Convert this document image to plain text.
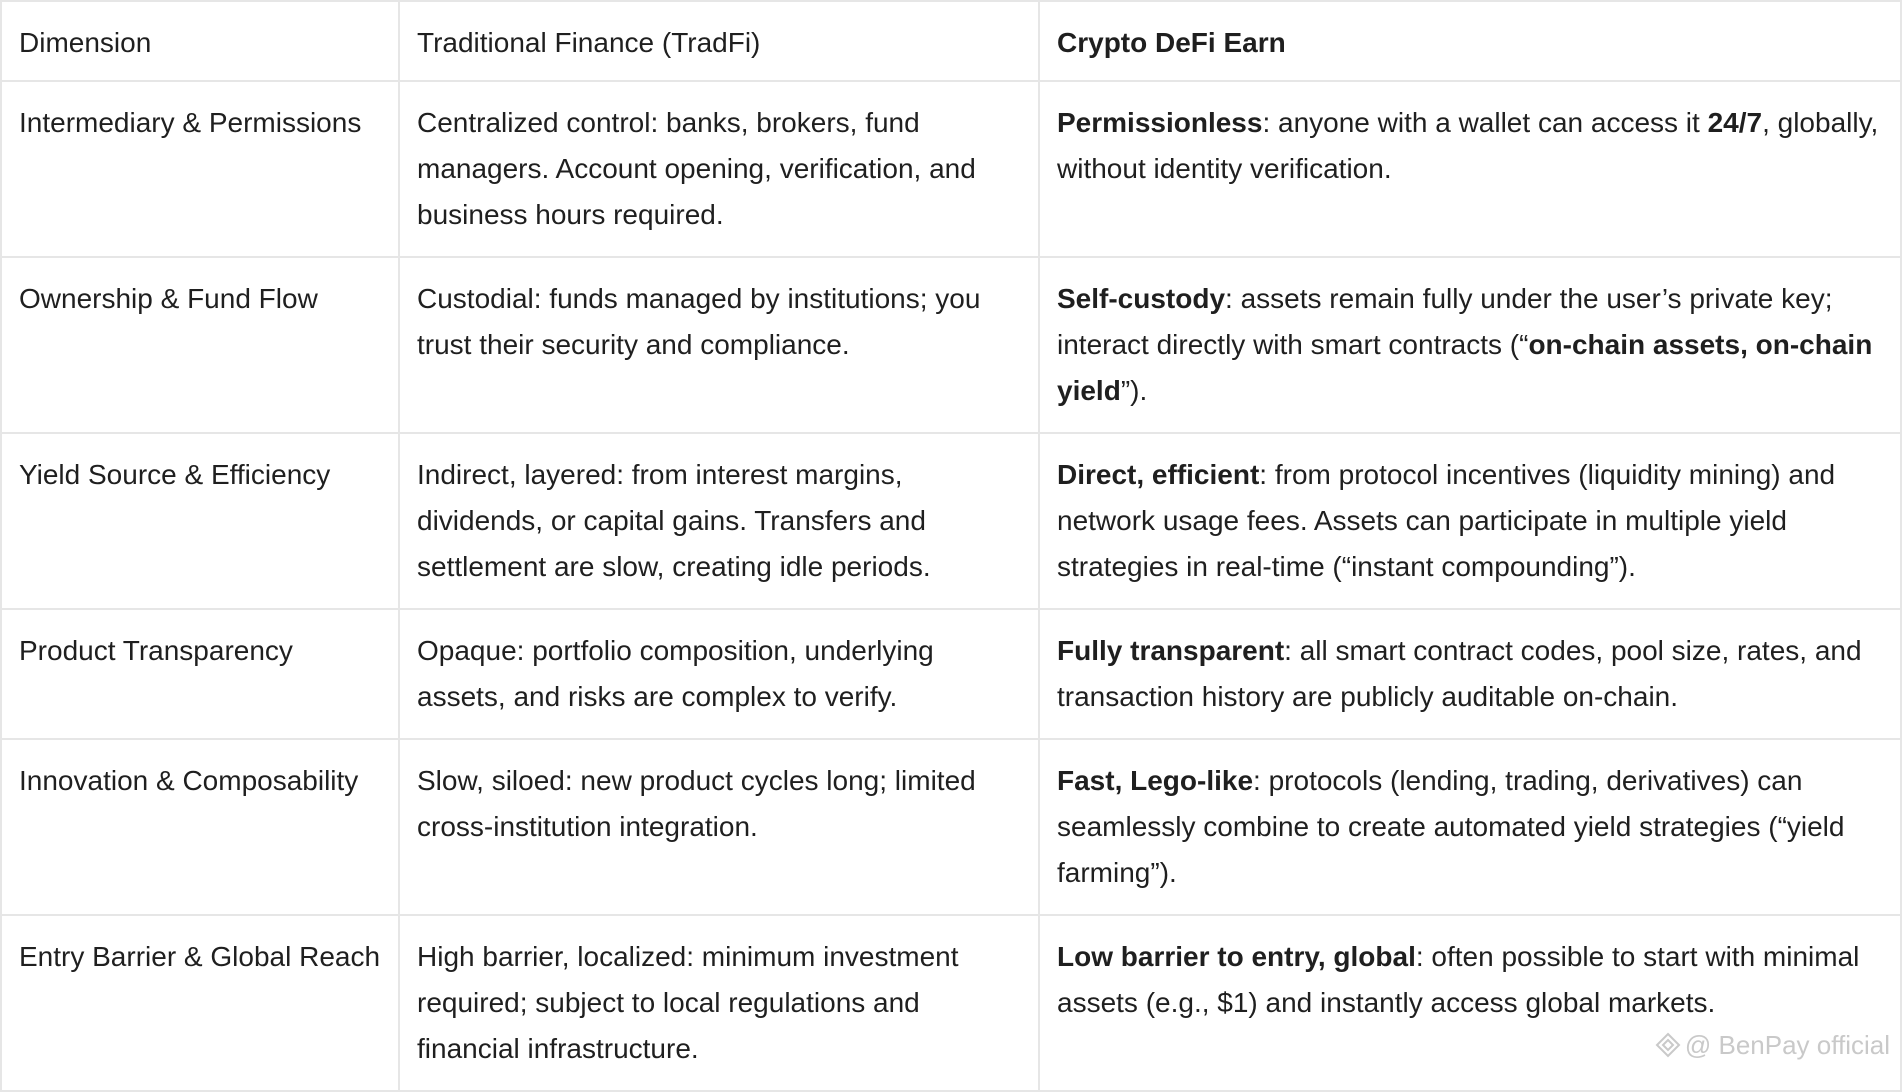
Dimension	Traditional Finance (TradFi)	Crypto DeFi Earn
Intermediary & Permissions	Centralized control: banks, brokers, fund managers. Account opening, verification, and business hours required.	Permissionless: anyone with a wallet can access it 24/7, globally, without identity verification.
Ownership & Fund Flow	Custodial: funds managed by institutions; you trust their security and compliance.	Self-custody: assets remain fully under the user’s private key; interact directly with smart contracts (“on-chain assets, on-chain yield”).
Yield Source & Efficiency	Indirect, layered: from interest margins, dividends, or capital gains. Transfers and settlement are slow, creating idle periods.	Direct, efficient: from protocol incentives (liquidity mining) and network usage fees. Assets can participate in multiple yield strategies in real-time (“instant compounding”).
Product Transparency	Opaque: portfolio composition, underlying assets, and risks are complex to verify.	Fully transparent: all smart contract codes, pool size, rates, and transaction history are publicly auditable on-chain.
Innovation & Composability	Slow, siloed: new product cycles long; limited cross-institution integration.	Fast, Lego-like: protocols (lending, trading, derivatives) can seamlessly combine to create automated yield strategies (“yield farming”).
Entry Barrier & Global Reach	High barrier, localized: minimum investment required; subject to local regulations and financial infrastructure.	Low barrier to entry, global: often possible to start with minimal assets (e.g., $1) and instantly access global markets.
@ BenPay official
